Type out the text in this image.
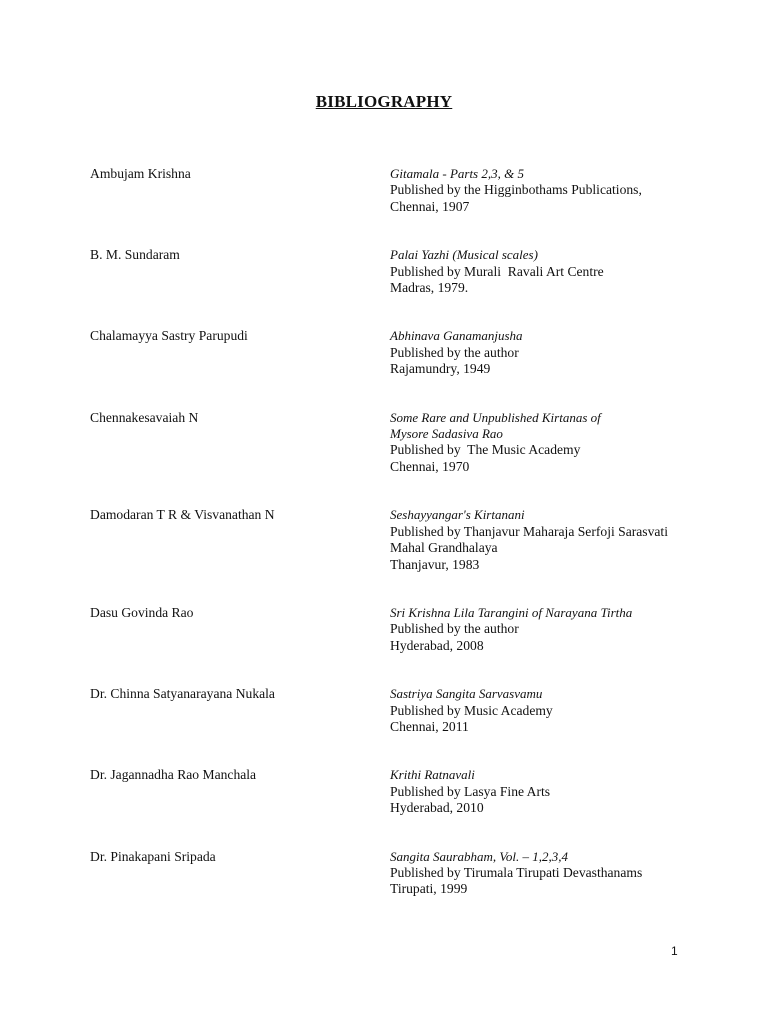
BIBLIOGRAPHY
Ambujam Krishna	Gitamala - Parts 2,3, & 5
Published by the Higginbothams Publications,
Chennai, 1907
B. M. Sundaram	Palai Yazhi (Musical scales)
Published by Murali  Ravali Art Centre
Madras, 1979.
Chalamayya Sastry Parupudi	Abhinava Ganamanjusha
Published by the author
Rajamundry, 1949
Chennakesavaiah N	Some Rare and Unpublished Kirtanas of
Mysore Sadasiva Rao
Published by  The Music Academy
Chennai, 1970
Damodaran T R & Visvanathan N	Seshayyangar's Kirtanani
Published by Thanjavur Maharaja Serfoji Sarasvati
Mahal Grandhalaya
Thanjavur, 1983
Dasu Govinda Rao	Sri Krishna Lila Tarangini of Narayana Tirtha
Published by the author
Hyderabad, 2008
Dr. Chinna Satyanarayana Nukala	Sastriya Sangita Sarvasvamu
Published by Music Academy
Chennai, 2011
Dr. Jagannadha Rao Manchala	Krithi Ratnavali
Published by Lasya Fine Arts
Hyderabad, 2010
Dr. Pinakapani Sripada	Sangita Saurabham, Vol. – 1,2,3,4
Published by Tirumala Tirupati Devasthanams
Tirupati, 1999
1
